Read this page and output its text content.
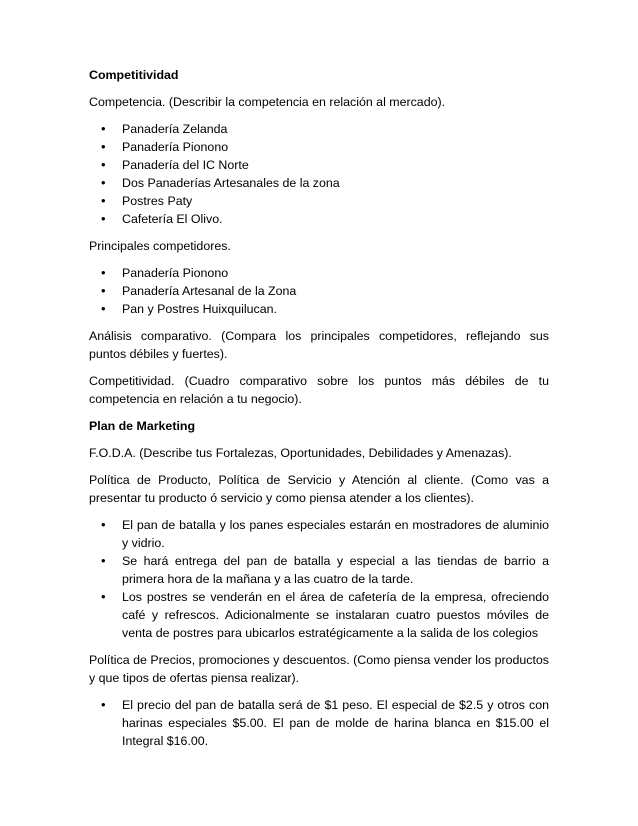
Competitividad

Competencia. (Describir la competencia en relación al mercado).

• Panadería Zelanda
• Panadería Pionono
• Panadería del IC Norte
• Dos Panaderías Artesanales de la zona
• Postres Paty
• Cafetería El Olivo.

Principales competidores.

• Panadería Pionono
• Panadería Artesanal de la Zona
• Pan y Postres Huixquilucan.

Análisis comparativo. (Compara los principales competidores, reflejando sus puntos débiles y fuertes).

Competitividad. (Cuadro comparativo sobre los puntos más débiles de tu competencia en relación a tu negocio).

Plan de Marketing

F.O.D.A. (Describe tus Fortalezas, Oportunidades, Debilidades y Amenazas).

Política de Producto, Política de Servicio y Atención al cliente. (Como vas a presentar tu producto ó servicio y como piensa atender a los clientes).

• El pan de batalla y los panes especiales estarán en mostradores de aluminio y vidrio.
• Se hará entrega del pan de batalla y especial a las tiendas de barrio a primera hora de la mañana y a las cuatro de la tarde.
• Los postres se venderán en el área de cafetería de la empresa, ofreciendo café y refrescos. Adicionalmente se instalaran cuatro puestos móviles de venta de postres para ubicarlos estratégicamente a la salida de los colegios

Política de Precios, promociones y descuentos. (Como piensa vender los productos y que tipos de ofertas piensa realizar).

• El precio del pan de batalla será de $1 peso. El especial de $2.5 y otros con harinas especiales $5.00. El pan de molde de harina blanca en $15.00 el Integral $16.00.
